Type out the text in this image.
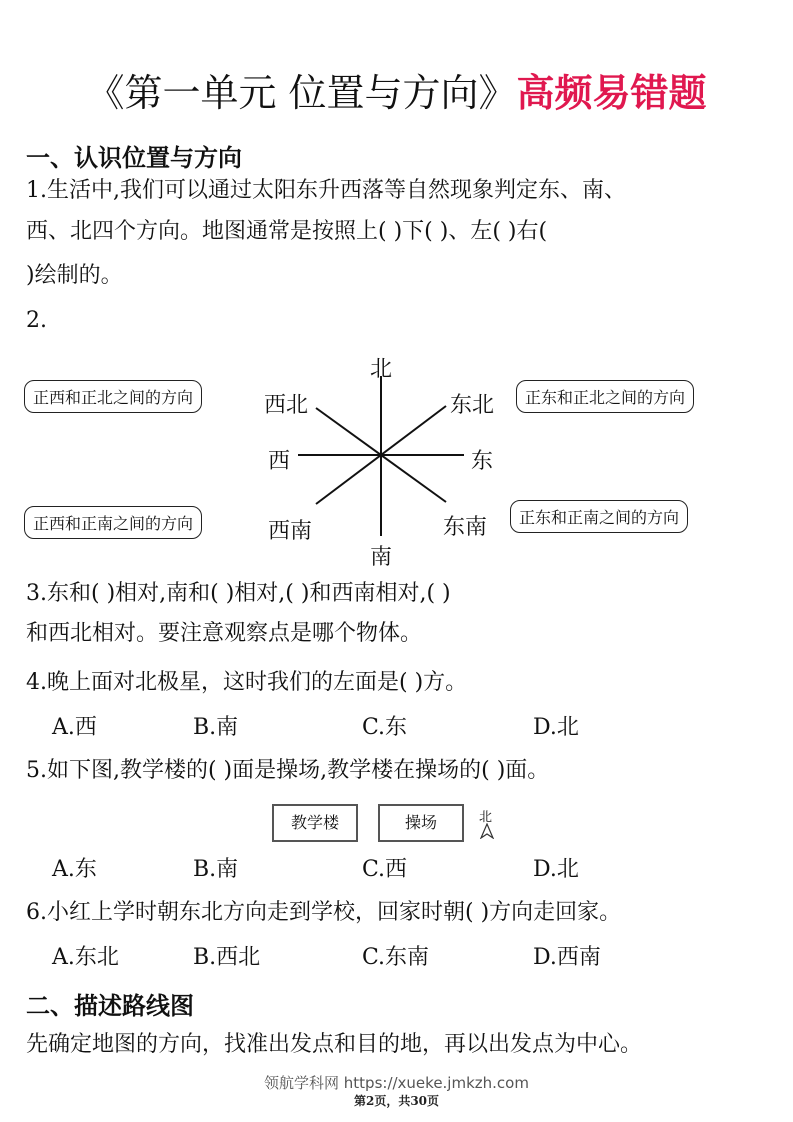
《第一单元 位置与方向》高频易错题
一、认识位置与方向
1.生活中,我们可以通过太阳东升西落等自然现象判定东、南、
西、北四个方向。地图通常是按照上( )下( )、左( )右(
)绘制的。
2.
北
南
东
西
西北	东北
西南	东南
正西和正北之间的方向	正东和正北之间的方向
正西和正南之间的方向	正东和正南之间的方向
3.东和( )相对,南和( )相对,( )和西南相对,( )
和西北相对。要注意观察点是哪个物体。
4.晚上面对北极星，这时我们的左面是( )方。
A.西	B.南	C.东	D.北
5.如下图,教学楼的( )面是操场,教学楼在操场的( )面。
教学楼	操场	北
A.东	B.南	C.西	D.北
6.小红上学时朝东北方向走到学校，回家时朝( )方向走回家。
A.东北	B.西北	C.东南	D.西南
二、描述路线图
先确定地图的方向，找准出发点和目的地，再以出发点为中心。
领航学科网 https://xueke.jmkzh.com
第2页，共30页
